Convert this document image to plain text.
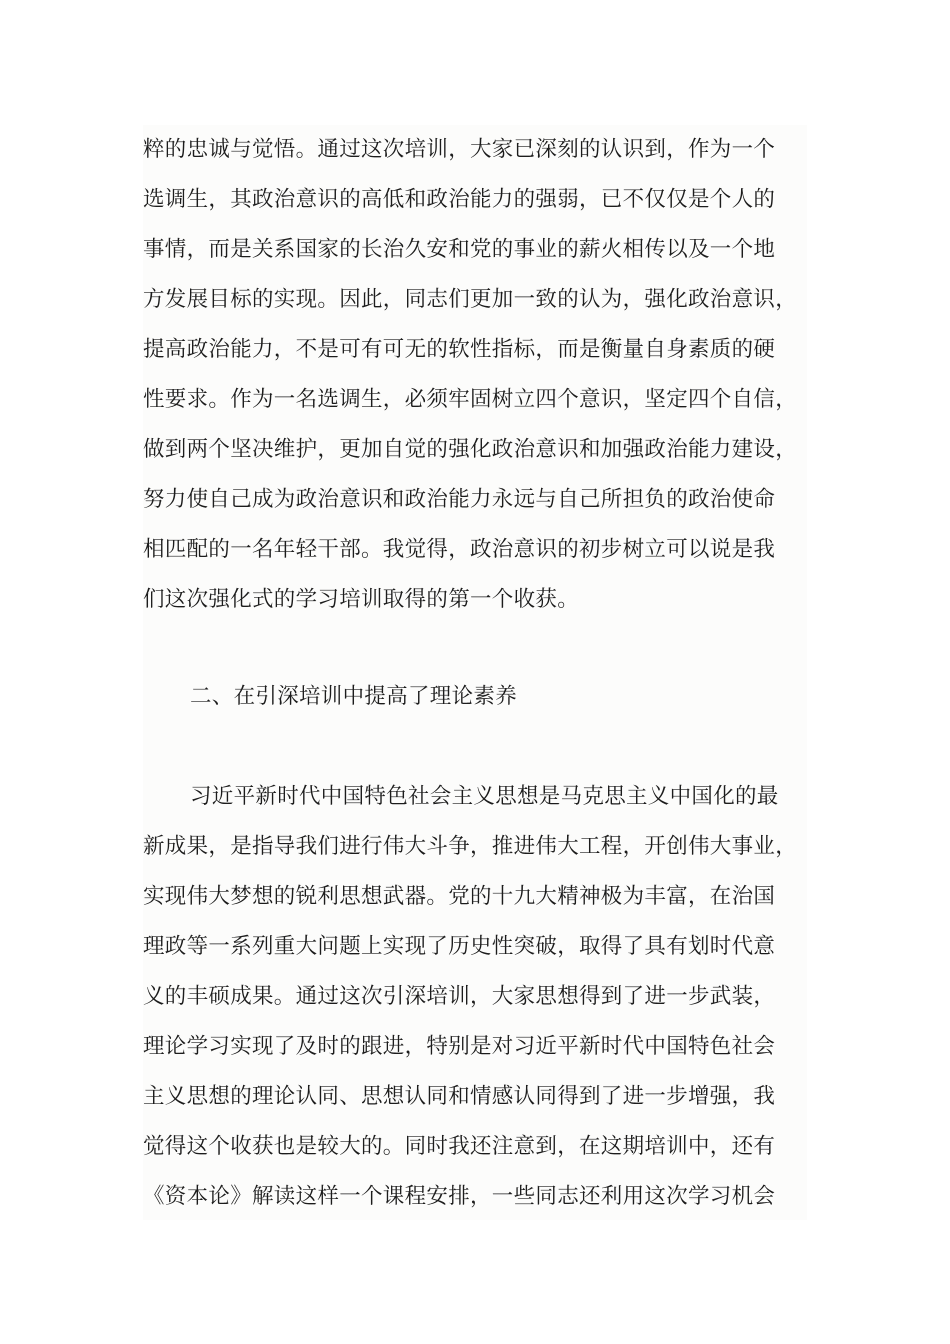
粹的忠诚与觉悟。通过这次培训，大家已深刻的认识到，作为一个
选调生，其政治意识的高低和政治能力的强弱，已不仅仅是个人的
事情，而是关系国家的长治久安和党的事业的薪火相传以及一个地
方发展目标的实现。因此，同志们更加一致的认为，强化政治意识，
提高政治能力，不是可有可无的软性指标，而是衡量自身素质的硬
性要求。作为一名选调生，必须牢固树立四个意识，坚定四个自信，
做到两个坚决维护，更加自觉的强化政治意识和加强政治能力建设，
努力使自己成为政治意识和政治能力永远与自己所担负的政治使命
相匹配的一名年轻干部。我觉得，政治意识的初步树立可以说是我
们这次强化式的学习培训取得的第一个收获。
二、在引深培训中提高了理论素养
习近平新时代中国特色社会主义思想是马克思主义中国化的最
新成果，是指导我们进行伟大斗争，推进伟大工程，开创伟大事业，
实现伟大梦想的锐利思想武器。党的十九大精神极为丰富，在治国
理政等一系列重大问题上实现了历史性突破，取得了具有划时代意
义的丰硕成果。通过这次引深培训，大家思想得到了进一步武装，
理论学习实现了及时的跟进，特别是对习近平新时代中国特色社会
主义思想的理论认同、思想认同和情感认同得到了进一步增强，我
觉得这个收获也是较大的。同时我还注意到，在这期培训中，还有
《资本论》解读这样一个课程安排，一些同志还利用这次学习机会
